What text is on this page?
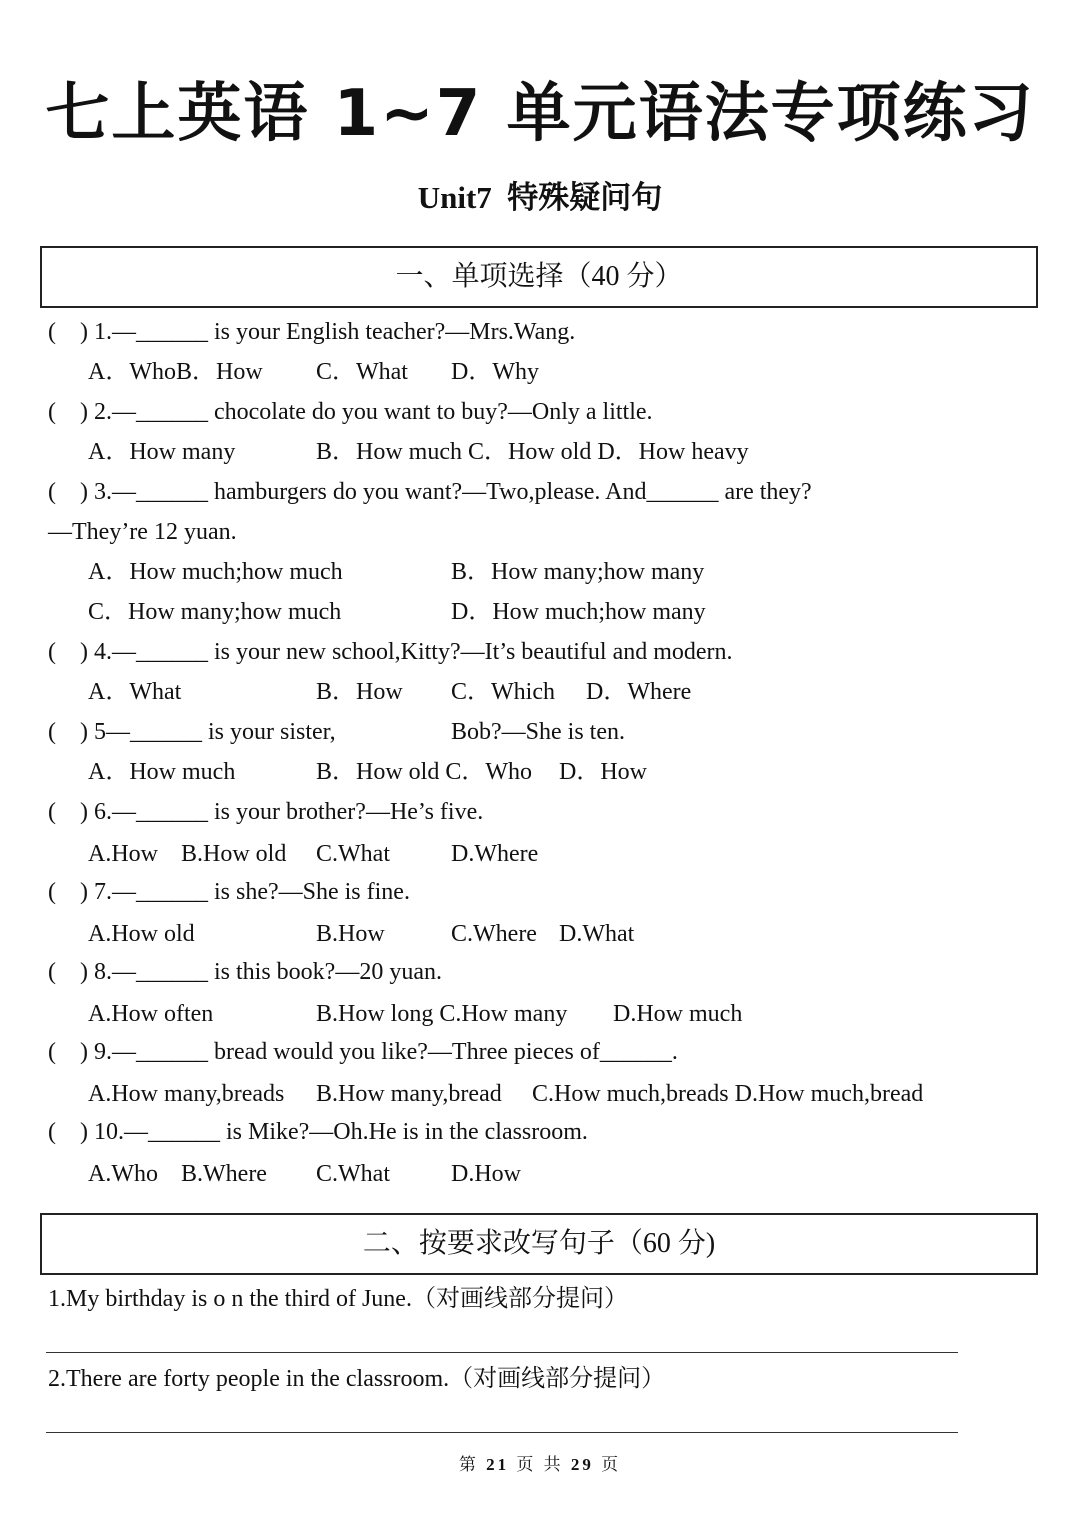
七上英语 1~7 单元语法专项练习
Unit7 特殊疑问句
一、单项选择（40 分）
(    ) 1.—______ is your English teacher?—Mrs.Wang.
A．WhoB．How C．What D．Why
(    ) 2.—______ chocolate do you want to buy?—Only a little.
A．How many	B．How much C．How old D．How heavy
(    ) 3.—______ hamburgers do you want?—Two,please. And______ are they?
—They’re 12 yuan.
A．How much;how much	B．How many;how many
C．How many;how much	D．How much;how many
(    ) 4.—______ is your new school,Kitty?—It’s beautiful and modern.
A．What	B．How C．Which D．Where
(    ) 5—______ is your sister,	Bob?—She is ten.
A．How much	B．How old C．Who D．How
(    ) 6.—______ is your brother?—He’s five.
A.How B.How old C.What	D.Where
(    ) 7.—______ is she?—She is fine.
A.How old	B.How	C.Where D.What
(    ) 8.—______ is this book?—20 yuan.
A.How often	B.How long C.How many D.How much
(    ) 9.—______ bread would you like?—Three pieces of______.
A.How many,breads B.How many,bread C.How much,breads D.How much,bread
(    ) 10.—______ is Mike?—Oh.He is in the classroom.
A.Who B.Where C.What	D.How
二、按要求改写句子（60 分)
1.My birthday is o n the third of June.（对画线部分提问）
2.There are forty people in the classroom.（对画线部分提问）
第 21 页 共 29 页
